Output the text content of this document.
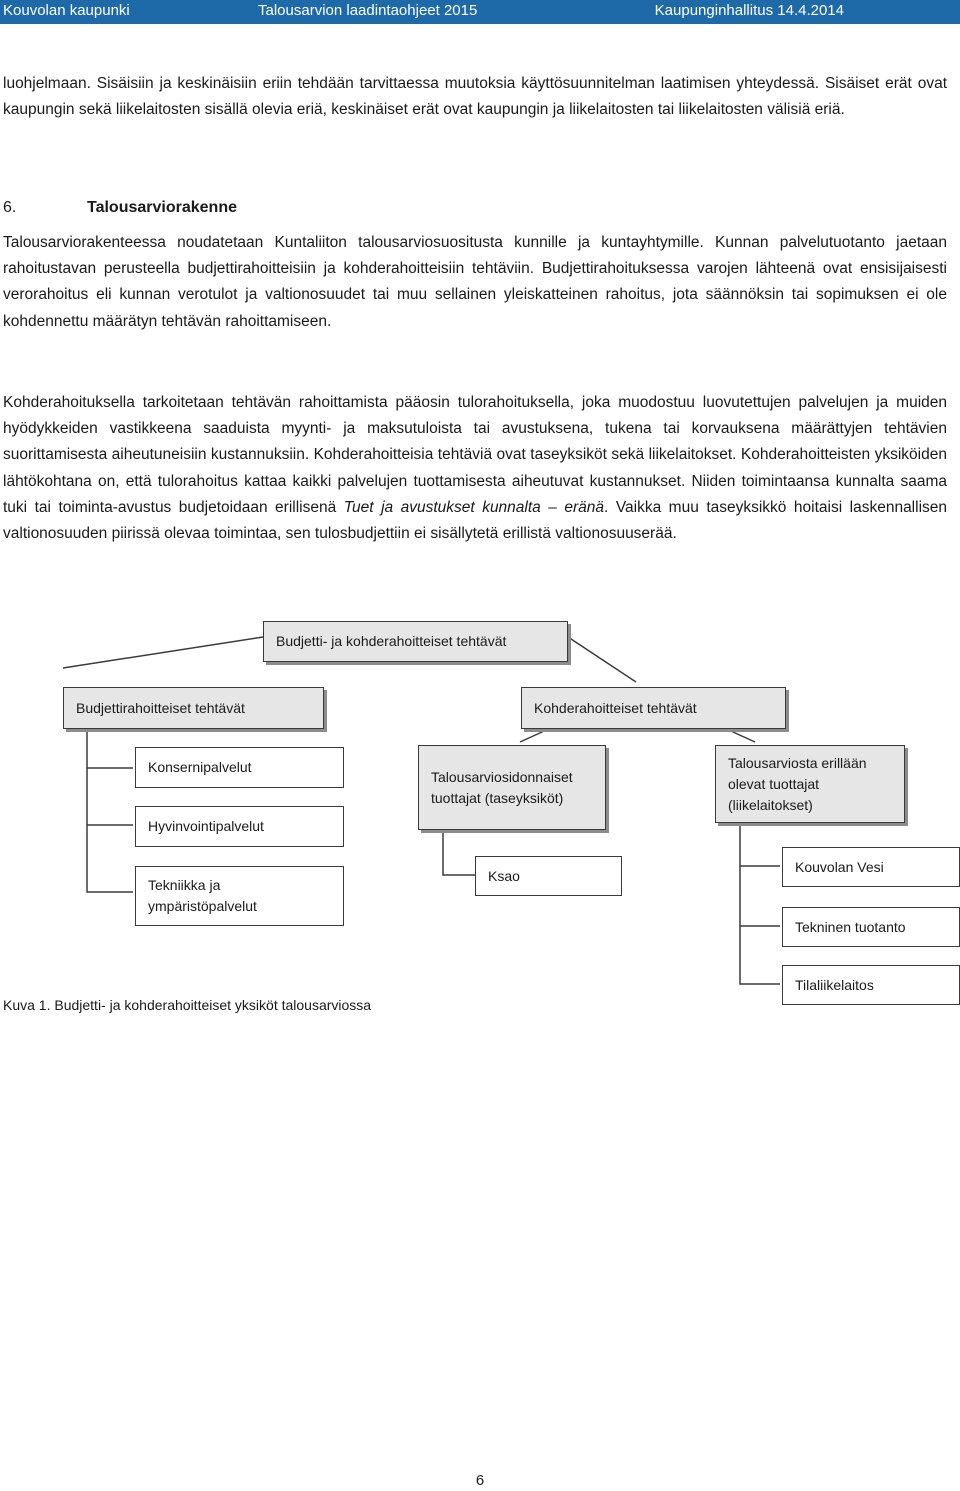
Kouvolan kaupunki	Talousarvion laadintaohjeet 2015	Kaupunginhallitus 14.4.2014

luohjelmaan. Sisäisiin ja keskinäisiin eriin tehdään tarvittaessa muutoksia käyttösuunnitelman laatimisen yhteydessä. Sisäiset erät ovat kaupungin sekä liikelaitosten sisällä olevia eriä, keskinäiset erät ovat kaupungin ja liikelaitosten tai liikelaitosten välisiä eriä.

6.	Talousarviorakenne

Talousarviorakenteessa noudatetaan Kuntaliiton talousarviosuositusta kunnille ja kuntayhtymille. Kunnan palvelutuotanto jaetaan rahoitustavan perusteella budjettirahoitteisiin ja kohderahoitteisiin tehtäviin. Budjettirahoituksessa varojen lähteenä ovat ensisijaisesti verorahoitus eli kunnan verotulot ja valtionosuudet tai muu sellainen yleiskatteinen rahoitus, jota säännöksin tai sopimuksen ei ole kohdennettu määrätyn tehtävän rahoittamiseen.

Kohderahoituksella tarkoitetaan tehtävän rahoittamista pääosin tulorahoituksella, joka muodostuu luovutettujen palvelujen ja muiden hyödykkeiden vastikkeena saaduista myynti- ja maksutuloista tai avustuksena, tukena tai korvauksena määrättyjen tehtävien suorittamisesta aiheutuneisiin kustannuksiin. Kohderahoitteisia tehtäviä ovat taseyksiköt sekä liikelaitokset. Kohderahoitteisten yksiköiden lähtökohtana on, että tulorahoitus kattaa kaikki palvelujen tuottamisesta aiheutuvat kustannukset. Niiden toimintaansa kunnalta saama tuki tai toiminta-avustus budjetoidaan erillisenä Tuet ja avustukset kunnalta – eränä. Vaikka muu taseyksikkö hoitaisi laskennallisen valtionosuuden piirissä olevaa toimintaa, sen tulosbudjettiin ei sisällytetä erillistä valtionosuuserää.

Budjetti- ja kohderahoitteiset tehtävät
Budjettirahoitteiset tehtävät	Kohderahoitteiset tehtävät
Konsernipalvelut
Hyvinvointipalvelut
Tekniikka ja ympäristöpalvelut
Talousarviosidonnaiset tuottajat (taseyksiköt)
Talousarviosta erillään olevat tuottajat (liikelaitokset)
Ksao
Kouvolan Vesi
Tekninen tuotanto
Tilaliikelaitos
Kuva 1. Budjetti- ja kohderahoitteiset yksiköt talousarviossa
6
